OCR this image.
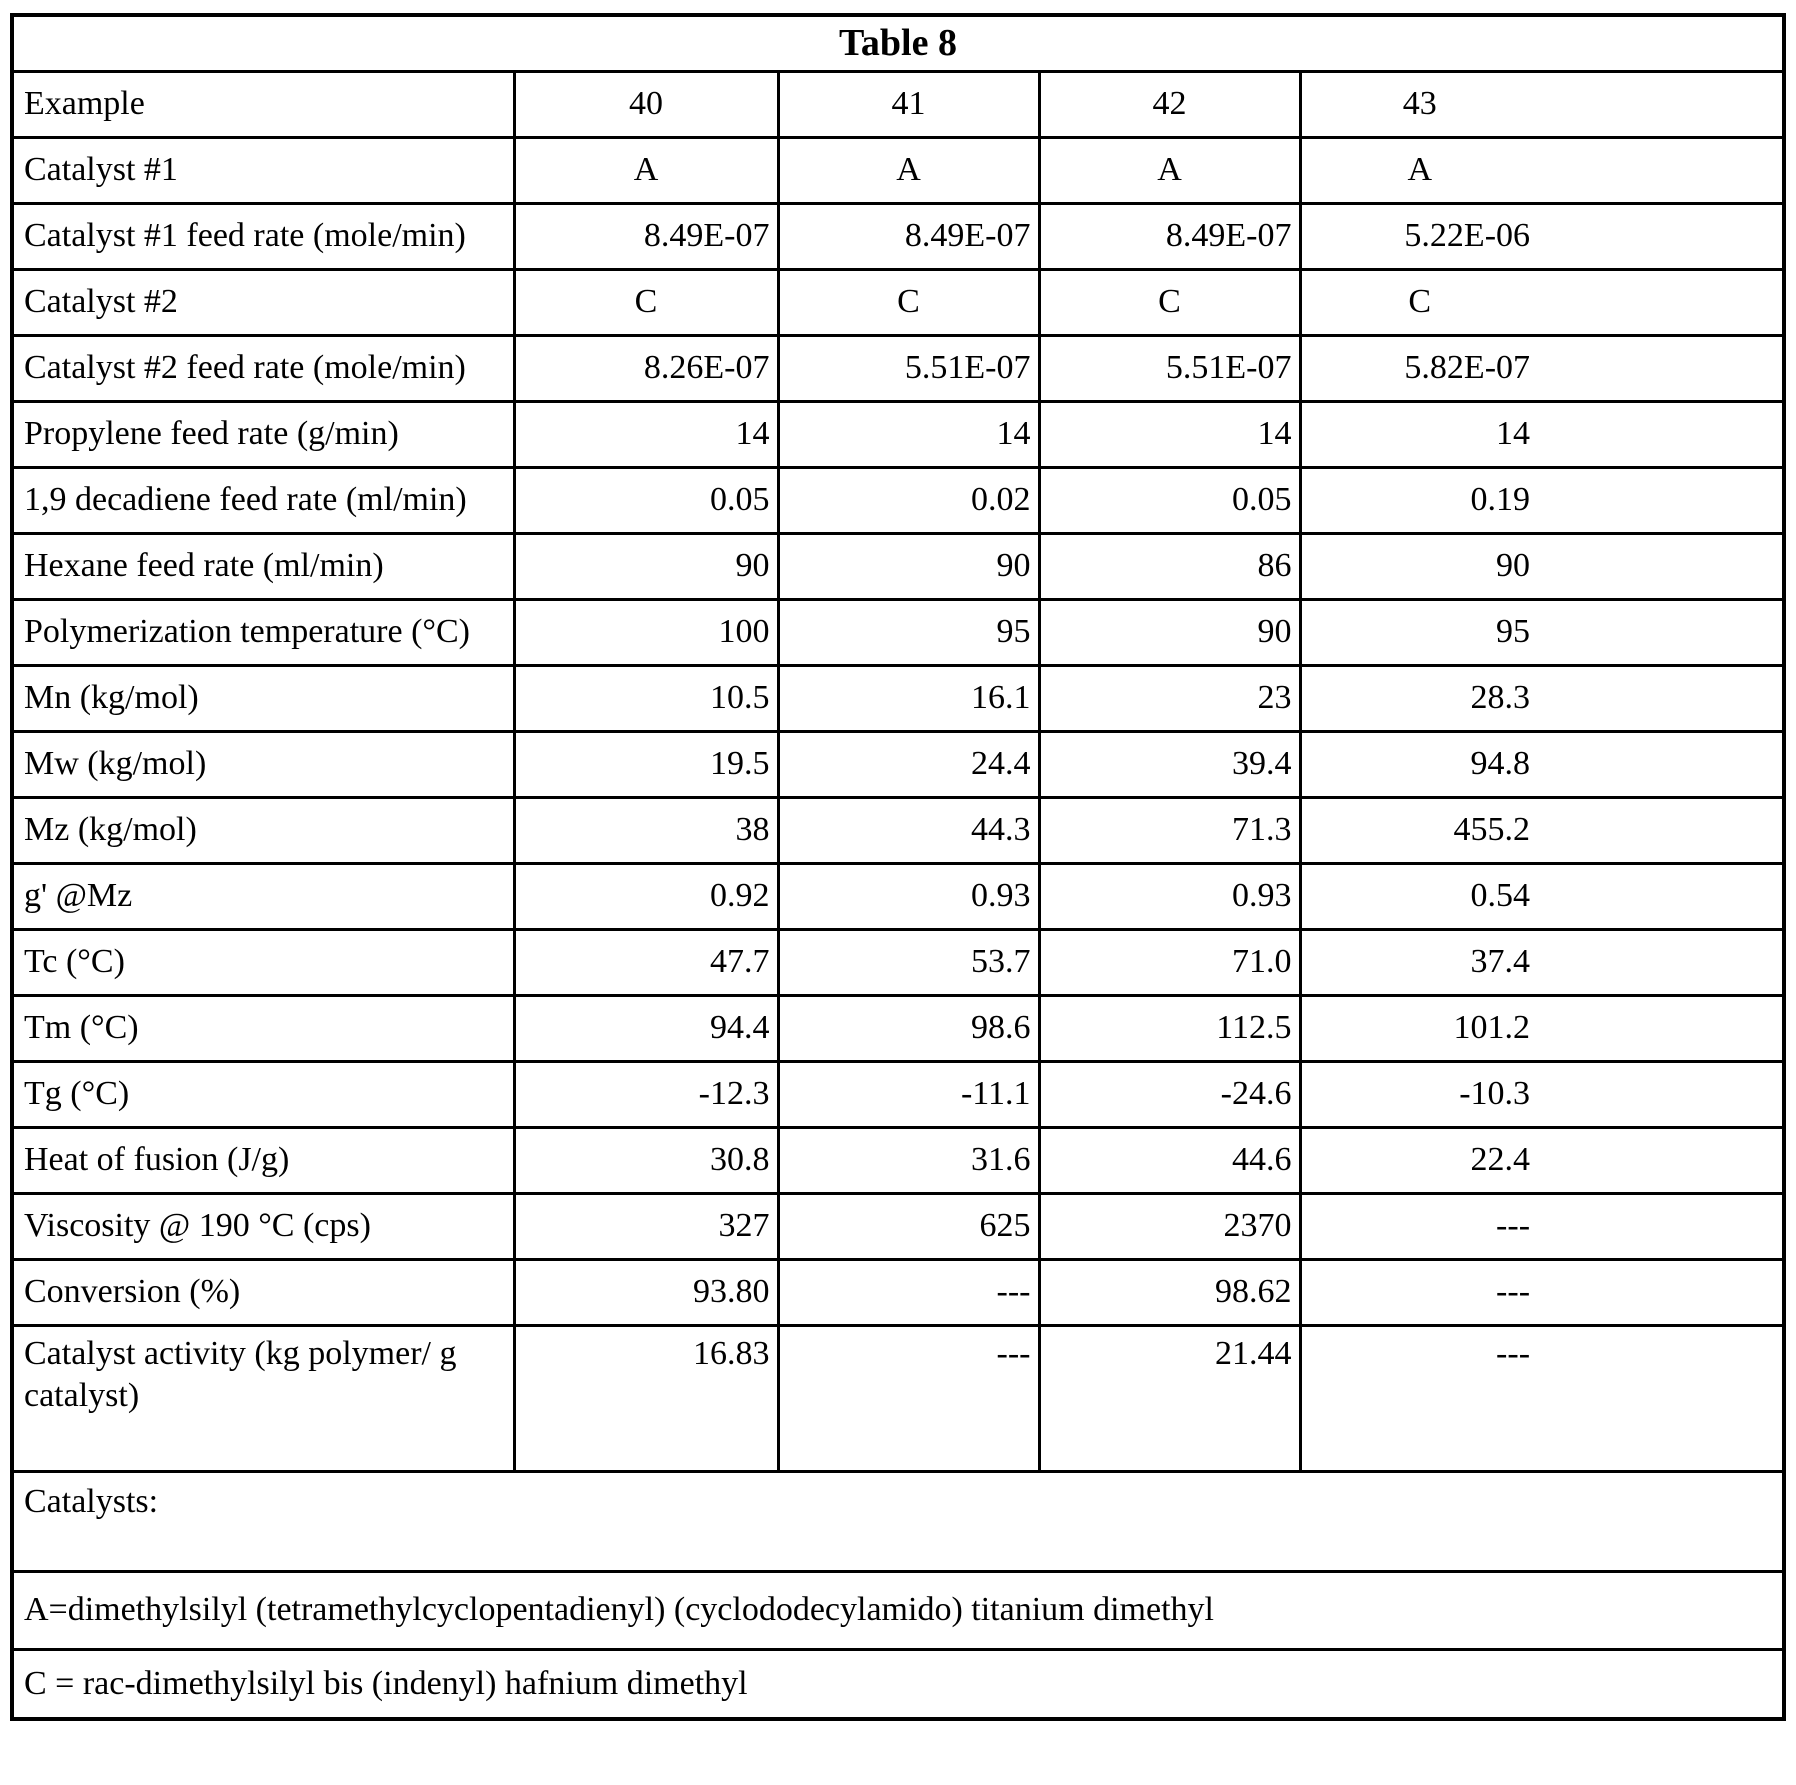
Table 8				
Example	40	41	42	43
Catalyst #1	A	A	A	A
Catalyst #1 feed rate (mole/min)	8.49E-07	8.49E-07	8.49E-07	5.22E-06
Catalyst #2	C	C	C	C
Catalyst #2 feed rate (mole/min)	8.26E-07	5.51E-07	5.51E-07	5.82E-07
Propylene feed rate (g/min)	14	14	14	14
1,9 decadiene feed rate (ml/min)	0.05	0.02	0.05	0.19
Hexane feed rate (ml/min)	90	90	86	90
Polymerization temperature (°C)	100	95	90	95
Mn (kg/mol)	10.5	16.1	23	28.3
Mw (kg/mol)	19.5	24.4	39.4	94.8
Mz (kg/mol)	38	44.3	71.3	455.2
g' @Mz	0.92	0.93	0.93	0.54
Tc (°C)	47.7	53.7	71.0	37.4
Tm (°C)	94.4	98.6	112.5	101.2
Tg (°C)	-12.3	-11.1	-24.6	-10.3
Heat of fusion (J/g)	30.8	31.6	44.6	22.4
Viscosity @ 190 °C (cps)	327	625	2370	---
Conversion (%)	93.80	---	98.62	---
Catalyst activity (kg polymer/ g catalyst)	16.83	---	21.44	---
Catalysts:				
A=dimethylsilyl (tetramethylcyclopentadienyl) (cyclododecylamido) titanium dimethyl				
C = rac-dimethylsilyl bis (indenyl) hafnium dimethyl				
